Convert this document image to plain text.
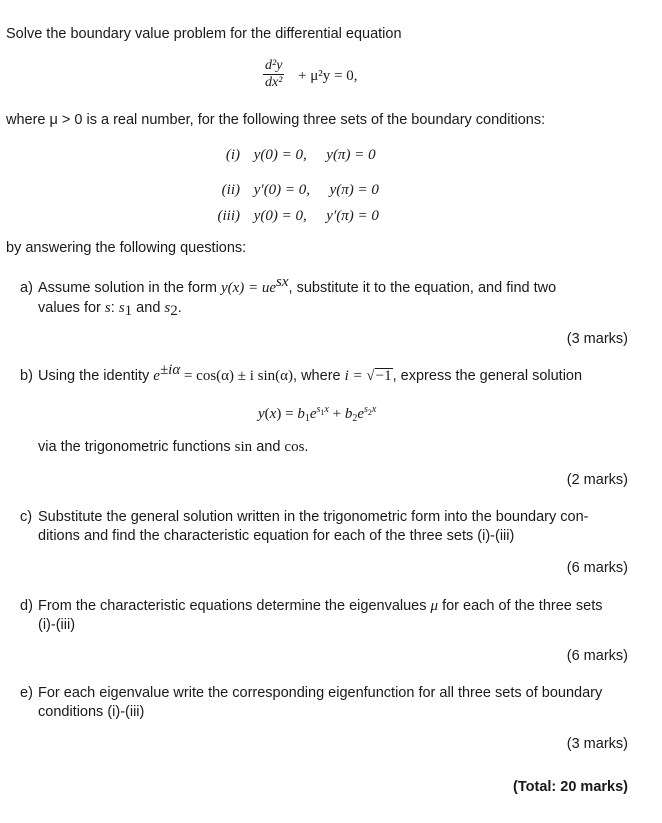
Solve the boundary value problem for the differential equation
$\frac{\text{d²y}}{\text{dx²}} + \mu^2y = 0$,
where μ > 0 is a real number, for the following three sets of the boundary conditions:
(i) y(0) = 0, y(π) = 0
(ii) y′(0) = 0, y(π) = 0
(iii) y(0) = 0, y′(π) = 0
by answering the following questions:
a) Assume solution in the form $y(x) = ue^{sx}$, substitute it to the equation, and find two
values for s: $s_1$ and $s_2$.
(3 marks)
b) Using the identity $e^{\pm i\alpha} = \cos(\alpha) \pm i$ sin(α), where i = √−1, express the general solution
$y(x) = b_1e^{s_1x} + b_2e^{s_2x}$
via the trigonometric functions sin and cos.
(2 marks)
c) Substitute the general solution written in the trigonometric form into the boundary con-
ditions and find the characteristic equation for each of the three sets (i)-(iii)
(6 marks)
d) From the characteristic equations determine the eigenvalues μ for each of the three sets
(i)-(iii)
(6 marks)
e) For each eigenvalue write the corresponding eigenfunction for all three sets of boundary
conditions (i)-(iii)
(3 marks)
(Total: 20 marks)
